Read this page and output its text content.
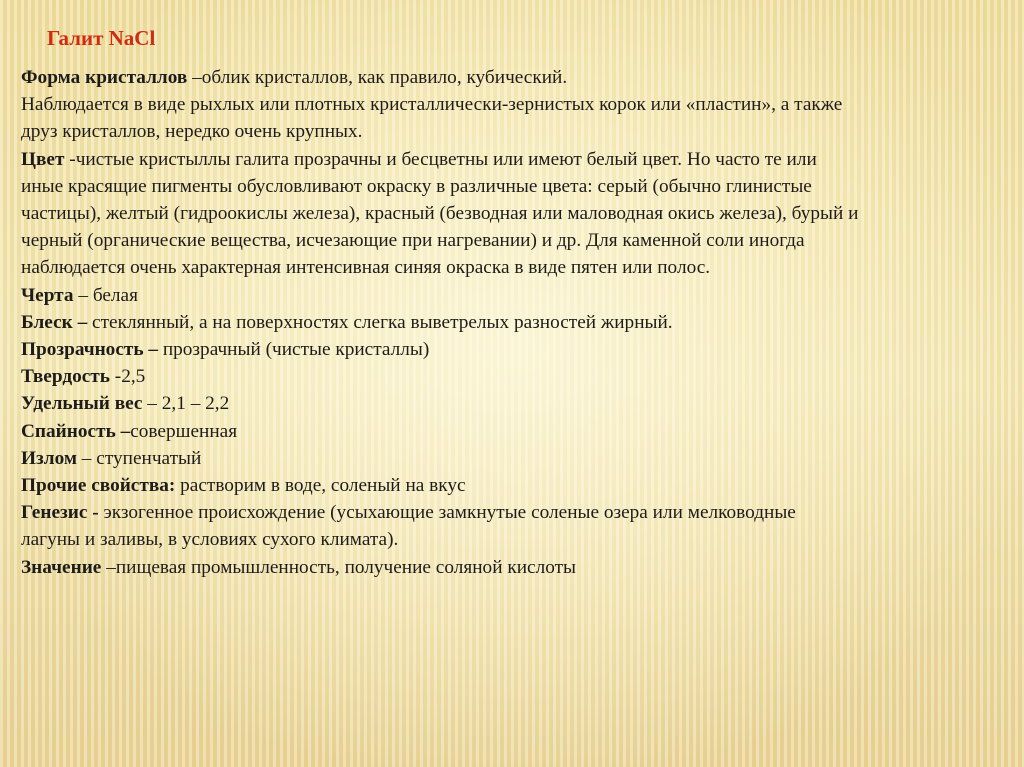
Галит NaCl
Форма кристаллов –облик кристаллов, как правило, кубический.
Наблюдается в виде рыхлых или плотных кристаллически-зернистых корок или «пластин», а также
друз кристаллов, нередко очень крупных.
Цвет -чистые кристыллы галита прозрачны и бесцветны или имеют белый цвет. Но часто те или
иные красящие пигменты обусловливают окраску в различные цвета: серый (обычно глинистые
частицы), желтый (гидроокислы железа), красный (безводная или маловодная окись железа), бурый и
черный (органические вещества, исчезающие при нагревании) и др. Для каменной соли иногда
наблюдается очень характерная интенсивная синяя окраска в виде пятен или полос.
Черта – белая
Блеск – стеклянный, а на поверхностях слегка выветрелых разностей жирный.
Прозрачность – прозрачный (чистые кристаллы)
Твердость -2,5
Удельный вес – 2,1 – 2,2
Спайность –совершенная
Излом – ступенчатый
Прочие свойства: растворим в воде, соленый на вкус
Генезис - экзогенное происхождение (усыхающие замкнутые соленые озера или мелководные
лагуны и заливы, в условиях сухого климата).
Значение –пищевая промышленность, получение соляной кислоты
